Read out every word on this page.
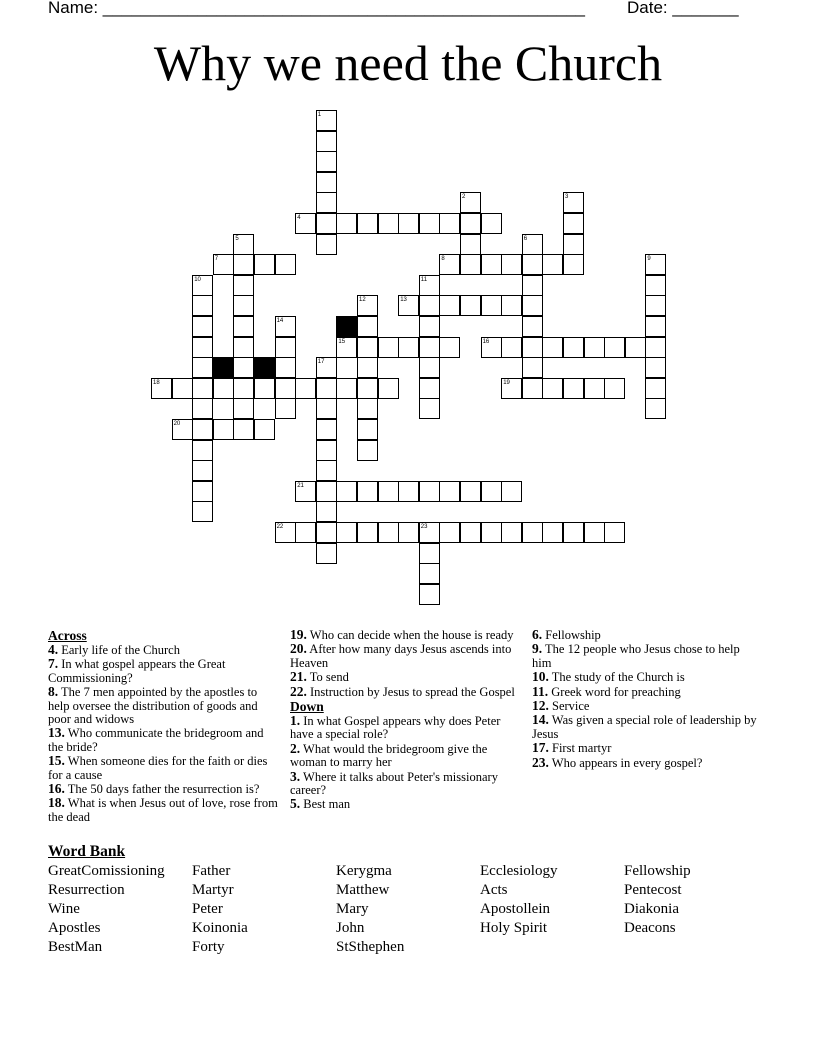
Name: ___________________________________________________ Date: _______
Why we need the Church
1
2	3
4
5	6
7	8	9
10	11
12	13
14
15	16
17
18	19
20
21
22	23
Across
4. Early life of the Church
7. In what gospel appears the Great Commissioning?
8. The 7 men appointed by the apostles to help oversee the distribution of goods and poor and widows
13. Who communicate the bridegroom and the bride?
15. When someone dies for the faith or dies for a cause
16. The 50 days father the resurrection is?
18. What is when Jesus out of love, rose from the dead
19. Who can decide when the house is ready
20. After how many days Jesus ascends into Heaven
21. To send
22. Instruction by Jesus to spread the Gospel
Down
1. In what Gospel appears why does Peter have a special role?
2. What would the bridegroom give the woman to marry her
3. Where it talks about Peter's missionary career?
5. Best man
6. Fellowship
9. The 12 people who Jesus chose to help him
10. The study of the Church is
11. Greek word for preaching
12. Service
14. Was given a special role of leadership by Jesus
17. First martyr
23. Who appears in every gospel?
Word Bank
GreatComissioning
Resurrection
Wine
Apostles
BestMan
Father
Martyr
Peter
Koinonia
Forty
Kerygma
Matthew
Mary
John
StSthephen
Ecclesiology
Acts
Apostollein
Holy Spirit
Fellowship
Pentecost
Diakonia
Deacons
